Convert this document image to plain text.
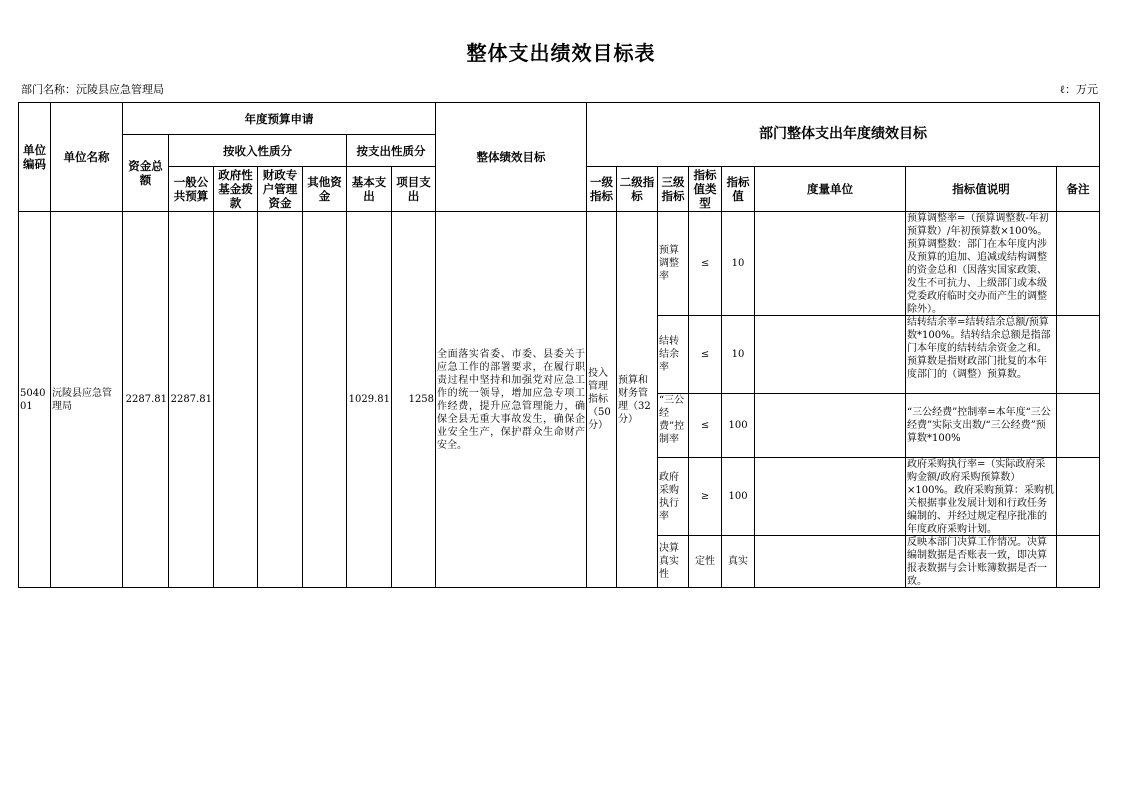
整体支出绩效目标表
部门名称：沅陵县应急管理局	ℓ：万元
单位编码	单位名称	年度预算申请							整体绩效目标	部门整体支出年度绩效目标							
		资金总额	按收入性质分				按支出性质分										
			一般公共预算	政府性基金拨款	财政专户管理资金	其他资金	基本支出	项目支出		一级指标	二级指标	三级指标	指标值类型	指标值	度量单位	指标值说明	备注
504001	沅陵县应急管理局	2287.81	2287.81				1029.81	1258	全面落实省委、市委、县委关于应急工作的部署要求，在履行职责过程中坚持和加强党对应急工作的统一领导，增加应急专项工作经费，提升应急管理能力，确保全县无重大事故发生，确保企业安全生产，保护群众生命财产安全。	投入管理指标（50分）	预算和财务管理（32分）	预算调整率	≤	10		预算调整率=（预算调整数-年初预算数）/年初预算数×100%。预算调整数：部门在本年度内涉及预算的追加、追减或结构调整的资金总和（因落实国家政策、发生不可抗力、上级部门或本级党委政府临时交办而产生的调整除外）。	

												结转结余率	≤	10		结转结余率=结转结余总额/预算数*100%。结转结余总额是指部门本年度的结转结余资金之和。预算数是指财政部门批复的本年度部门的（调整）预算数。	

												“三公经费”控制率	≤	100		“三公经费”控制率=本年度“三公经费”实际支出数/“三公经费”预算数*100%	

												政府采购执行率	≥	100		政府采购执行率=（实际政府采购金额/政府采购预算数）×100%。政府采购预算：采购机关根据事业发展计划和行政任务编制的、并经过规定程序批准的年度政府采购计划。	

												决算真实性	定性	真实		反映本部门决算工作情况。决算编制数据是否账表一致，即决算报表数据与会计账簿数据是否一致。	
